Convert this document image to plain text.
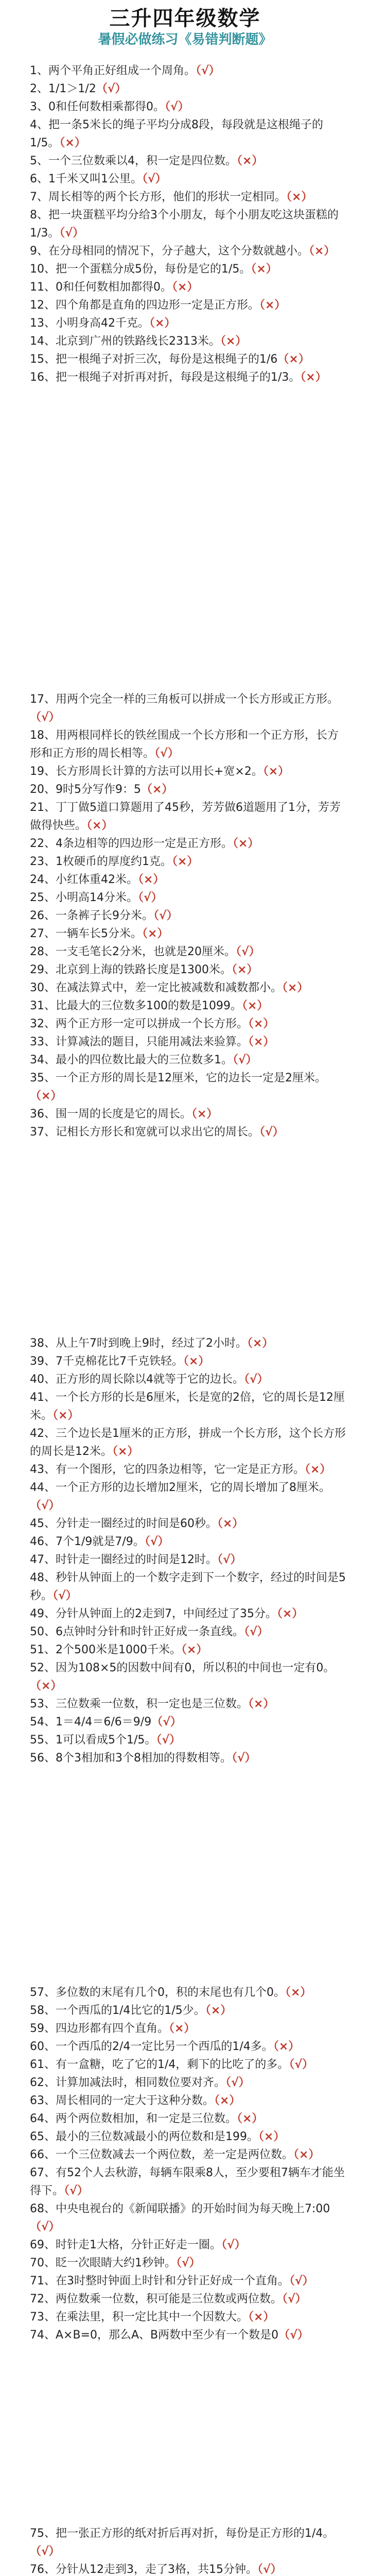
三升四年级数学
暑假必做练习《易错判断题》
1、两个平角正好组成一个周角。（√）
2、1/1＞1/2（√）
3、0和任何数相乘都得0。（√）
4、把一条5米长的绳子平均分成8段，每段就是这根绳子的1/5。（×）
5、一个三位数乘以4，积一定是四位数。（×）
6、1千米又叫1公里。（√）
7、周长相等的两个长方形，他们的形状一定相同。（×）
8、把一块蛋糕平均分给3个小朋友，每个小朋友吃这块蛋糕的1/3。（√）
9、在分母相同的情况下，分子越大，这个分数就越小。（×）
10、把一个蛋糕分成5份，每份是它的1/5。（×）
11、0和任何数相加都得0。（×）
12、四个角都是直角的四边形一定是正方形。（×）
13、小明身高42千克。（×）
14、北京到广州的铁路线长2313米。（×）
15、把一根绳子对折三次，每份是这根绳子的1/6（×）
16、把一根绳子对折再对折，每段是这根绳子的1/3。（×）
17、用两个完全一样的三角板可以拼成一个长方形或正方形。（√）
18、用两根同样长的铁丝围成一个长方形和一个正方形，长方形和正方形的周长相等。（√）
19、长方形周长计算的方法可以用长+宽×2。（×）
20、9时5分写作9：5（×）
21、丁丁做5道口算题用了45秒，芳芳做6道题用了1分，芳芳做得快些。（×）
22、4条边相等的四边形一定是正方形。（×）
23、1枚硬币的厚度约1克。（×）
24、小红体重42米。（×）
25、小明高14分米。（√）
26、一条裤子长9分米。（√）
27、一辆车长5分米。（×）
28、一支毛笔长2分米，也就是20厘米。（√）
29、北京到上海的铁路长度是1300米。（×）
30、在减法算式中，差一定比被减数和减数都小。（×）
31、比最大的三位数多100的数是1099。（×）
32、两个正方形一定可以拼成一个长方形。（×）
33、计算减法的题目，只能用减法来验算。（×）
34、最小的四位数比最大的三位数多1。（√）
35、一个正方形的周长是12厘米，它的边长一定是2厘米。（×）
36、围一周的长度是它的周长。（×）
37、记相长方形长和宽就可以求出它的周长。（√）
38、从上午7时到晚上9时，经过了2小时。（×）
39、7千克棉花比7千克铁轻。（×）
40、正方形的周长除以4就等于它的边长。（√）
41、一个长方形的长是6厘米，长是宽的2倍，它的周长是12厘米。（×）
42、三个边长是1厘米的正方形，拼成一个长方形，这个长方形的周长是12米。（×）
43、有一个图形，它的四条边相等，它一定是正方形。（×）
44、一个正方形的边长增加2厘米，它的周长增加了8厘米。（√）
45、分针走一圈经过的时间是60秒。（×）
46、7个1/9就是7/9。（√）
47、时针走一圈经过的时间是12时。（√）
48、秒针从钟面上的一个数字走到下一个数字，经过的时间是5秒。（√）
49、分针从钟面上的2走到7，中间经过了35分。（×）
50、6点钟时分针和时针正好成一条直线。（√）
51、2个500米是1000千米。（×）
52、因为108×5的因数中间有0，所以积的中间也一定有0。（×）
53、三位数乘一位数，积一定也是三位数。（×）
54、1＝4/4＝6/6＝9/9（√）
55、1可以看成5个1/5。（√）
56、8个3相加和3个8相加的得数相等。（√）
57、多位数的末尾有几个0，积的末尾也有几个0。（×）
58、一个西瓜的1/4比它的1/5少。（×）
59、四边形都有四个直角。（×）
60、一个西瓜的2/4一定比另一个西瓜的1/4多。（×）
61、有一盒糖，吃了它的1/4，剩下的比吃了的多。（√）
62、计算加减法时，相同数位要对齐。（√）
63、周长相同的一定大于这种分数。（×）
64、两个两位数相加，和一定是三位数。（×）
65、最小的三位数减最小的两位数和是199。（×）
66、一个三位数减去一个两位数，差一定是两位数。（×）
67、有52个人去秋游，每辆车限乘8人，至少要租7辆车才能坐得下。（√）
68、中央电视台的《新闻联播》的开始时间为每天晚上7:00（√）
69、时针走1大格，分针正好走一圈。（√）
70、眨一次眼睛大约1秒钟。（√）
71、在3时整时钟面上时针和分针正好成一个直角。（√）
72、两位数乘一位数，积可能是三位数或两位数。（√）
73、在乘法里，积一定比其中一个因数大。（×）
74、A×B=0，那么A、B两数中至少有一个数是0（√）
75、把一张正方形的纸对折后再对折，每份是正方形的1/4。（√）
76、分针从12走到3，走了3格，共15分钟。（√）
